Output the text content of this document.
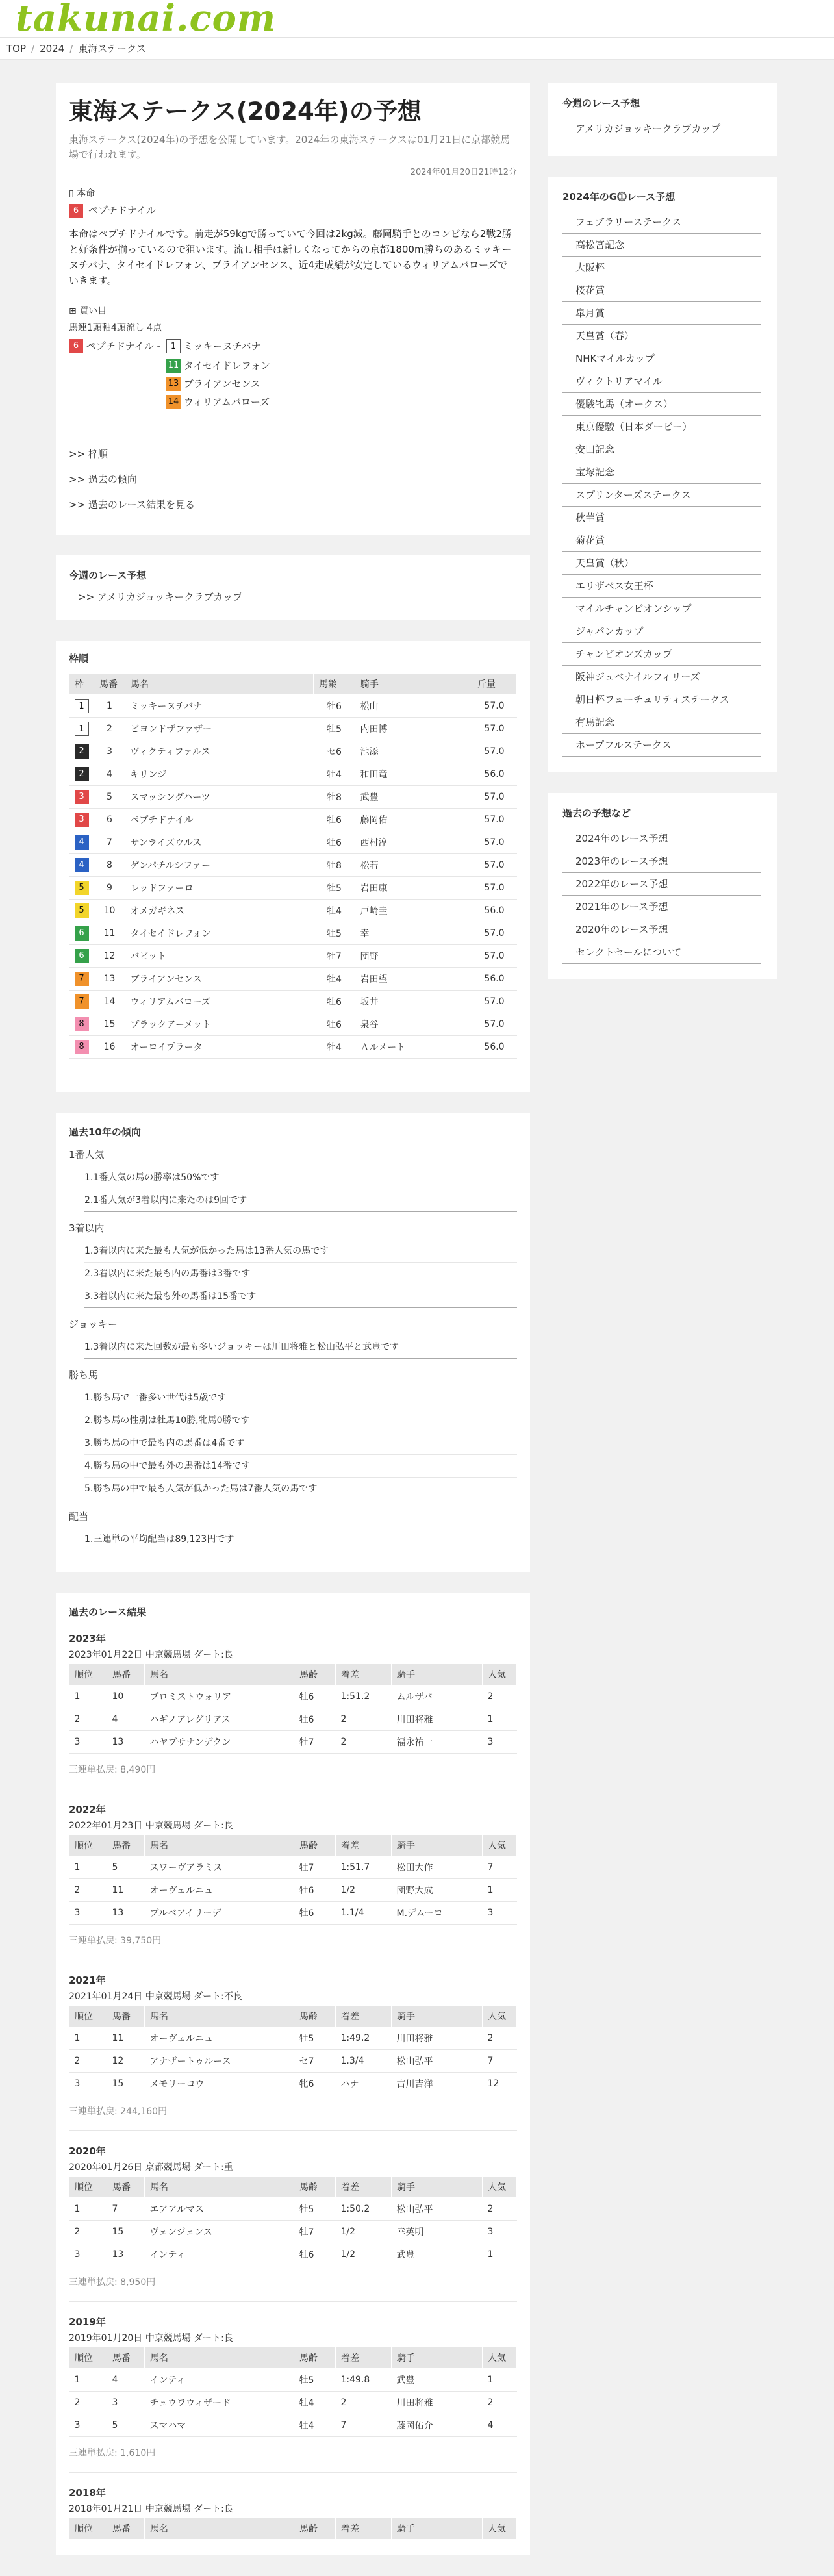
takunai.com
TOP / 2024 / 東海ステークス
東海ステークス(2024年)の予想
東海ステークス(2024年)の予想を公開しています。2024年の東海ステークスは01月21日に京都競馬場で行われます。
2024年01月20日21時12分
▯ 本命
6 ペプチドナイル
本命はペプチドナイルです。前走が59kgで勝っていて今回は2kg減。藤岡騎手とのコンビなら2戦2勝と好条件が揃っているので狙います。流し相手は新しくなってからの京都1800m勝ちのあるミッキーヌチバナ、タイセイドレフォン、ブライアンセンス、近4走成績が安定しているウィリアムバローズでいきます。
⊞ 買い目
馬連1頭軸4頭流し 4点
6 ペプチドナイル -	1 ミッキーヌチバナ
11 タイセイドレフォン
13 ブライアンセンス
14 ウィリアムバローズ
>> 枠順
>> 過去の傾向
>> 過去のレース結果を見る
今週のレース予想
>> アメリカジョッキークラブカップ
枠順
枠	馬番	馬名	馬齢	騎手	斤量
1	1	ミッキーヌチバナ	牡6	松山	57.0
1	2	ビヨンドザファザー	牡5	内田博	57.0
2	3	ヴィクティファルス	セ6	池添	57.0
2	4	キリンジ	牡4	和田竜	56.0
3	5	スマッシングハーツ	牡8	武豊	57.0
3	6	ペプチドナイル	牡6	藤岡佑	57.0
4	7	サンライズウルス	牡6	西村淳	57.0
4	8	ゲンパチルシファー	牡8	松若	57.0
5	9	レッドファーロ	牡5	岩田康	57.0
5	10	オメガギネス	牡4	戸崎圭	56.0
6	11	タイセイドレフォン	牡5	幸	57.0
6	12	バビット	牡7	団野	57.0
7	13	ブライアンセンス	牡4	岩田望	56.0
7	14	ウィリアムバローズ	牡6	坂井	57.0
8	15	ブラックアーメット	牡6	泉谷	57.0
8	16	オーロイプラータ	牡4	Ａルメート	56.0
過去10年の傾向
1番人気
1.1番人気の馬の勝率は50%です
2.1番人気が3着以内に来たのは9回です
3着以内
1.3着以内に来た最も人気が低かった馬は13番人気の馬です
2.3着以内に来た最も内の馬番は3番です
3.3着以内に来た最も外の馬番は15番です
ジョッキー
1.3着以内に来た回数が最も多いジョッキーは川田将雅と松山弘平と武豊です
勝ち馬
1.勝ち馬で一番多い世代は5歳です
2.勝ち馬の性別は牡馬10勝,牝馬0勝です
3.勝ち馬の中で最も内の馬番は4番です
4.勝ち馬の中で最も外の馬番は14番です
5.勝ち馬の中で最も人気が低かった馬は7番人気の馬です
配当
1.三連単の平均配当は89,123円です
過去のレース結果
2023年
2023年01月22日 中京競馬場 ダート:良
順位	馬番	馬名	馬齢	着差	騎手	人気
1	10	プロミストウォリア	牡6	1:51.2	ムルザバ	2
2	4	ハギノアレグリアス	牡6	2	川田将雅	1
3	13	ハヤブサナンデクン	牡7	2	福永祐一	3
三連単払戻: 8,490円
2022年
2022年01月23日 中京競馬場 ダート:良
順位	馬番	馬名	馬齢	着差	騎手	人気
1	5	スワーヴアラミス	牡7	1:51.7	松田大作	7
2	11	オーヴェルニュ	牡6	1/2	団野大成	1
3	13	ブルベアイリーデ	牡6	1.1/4	M.デムーロ	3
三連単払戻: 39,750円
2021年
2021年01月24日 中京競馬場 ダート:不良
順位	馬番	馬名	馬齢	着差	騎手	人気
1	11	オーヴェルニュ	牡5	1:49.2	川田将雅	2
2	12	アナザートゥルース	セ7	1.3/4	松山弘平	7
3	15	メモリーコウ	牝6	ハナ	古川吉洋	12
三連単払戻: 244,160円
2020年
2020年01月26日 京都競馬場 ダート:重
順位	馬番	馬名	馬齢	着差	騎手	人気
1	7	エアアルマス	牡5	1:50.2	松山弘平	2
2	15	ヴェンジェンス	牡7	1/2	幸英明	3
3	13	インティ	牡6	1/2	武豊	1
三連単払戻: 8,950円
2019年
2019年01月20日 中京競馬場 ダート:良
順位	馬番	馬名	馬齢	着差	騎手	人気
1	4	インティ	牡5	1:49.8	武豊	1
2	3	チュウワウィザード	牡4	2	川田将雅	2
3	5	スマハマ	牡4	7	藤岡佑介	4
三連単払戻: 1,610円
2018年
2018年01月21日 中京競馬場 ダート:良
順位	馬番	馬名	馬齢	着差	騎手	人気
今週のレース予想
アメリカジョッキークラブカップ
2024年のG⓵レース予想
フェブラリーステークス
高松宮記念
大阪杯
桜花賞
皐月賞
天皇賞（春）
NHKマイルカップ
ヴィクトリアマイル
優駿牝馬（オークス）
東京優駿（日本ダービー）
安田記念
宝塚記念
スプリンターズステークス
秋華賞
菊花賞
天皇賞（秋）
エリザベス女王杯
マイルチャンピオンシップ
ジャパンカップ
チャンピオンズカップ
阪神ジュベナイルフィリーズ
朝日杯フューチュリティステークス
有馬記念
ホープフルステークス
過去の予想など
2024年のレース予想
2023年のレース予想
2022年のレース予想
2021年のレース予想
2020年のレース予想
セレクトセールについて
